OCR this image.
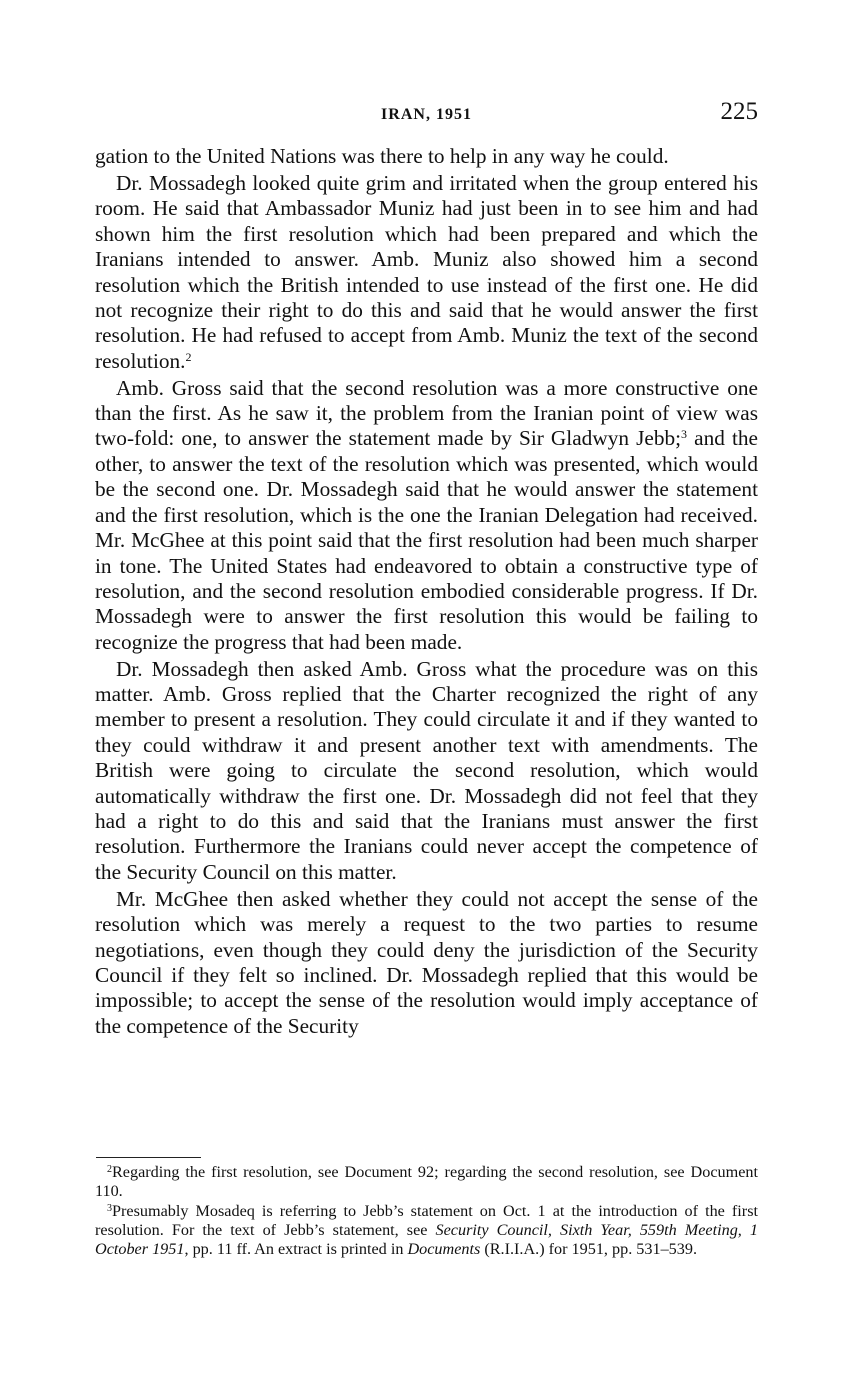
IRAN, 1951	225

gation to the United Nations was there to help in any way he could.

Dr. Mossadegh looked quite grim and irritated when the group entered his room. He said that Ambassador Muniz had just been in to see him and had shown him the first resolution which had been prepared and which the Iranians intended to answer. Amb. Muniz also showed him a second resolution which the British intended to use instead of the first one. He did not recognize their right to do this and said that he would answer the first resolution. He had refused to accept from Amb. Muniz the text of the second resolution.$^2$

Amb. Gross said that the second resolution was a more constructive one than the first. As he saw it, the problem from the Iranian point of view was two-fold: one, to answer the statement made by Sir Gladwyn Jebb;$^3$ and the other, to answer the text of the resolution which was presented, which would be the second one. Dr. Mossadegh said that he would answer the statement and the first resolution, which is the one the Iranian Delegation had received. Mr. McGhee at this point said that the first resolution had been much sharper in tone. The United States had endeavored to obtain a constructive type of resolution, and the second resolution embodied considerable progress. If Dr. Mossadegh were to answer the first resolution this would be failing to recognize the progress that had been made.

Dr. Mossadegh then asked Amb. Gross what the procedure was on this matter. Amb. Gross replied that the Charter recognized the right of any member to present a resolution. They could circulate it and if they wanted to they could withdraw it and present another text with amendments. The British were going to circulate the second resolution, which would automatically withdraw the first one. Dr. Mossadegh did not feel that they had a right to do this and said that the Iranians must answer the first resolution. Furthermore the Iranians could never accept the competence of the Security Council on this matter.

Mr. McGhee then asked whether they could not accept the sense of the resolution which was merely a request to the two parties to resume negotiations, even though they could deny the jurisdiction of the Security Council if they felt so inclined. Dr. Mossadegh replied that this would be impossible; to accept the sense of the resolution would imply acceptance of the competence of the Security

$^2$Regarding the first resolution, see Document 92; regarding the second resolution, see Document 110.

$^3$Presumably Mosadeq is referring to Jebb’s statement on Oct. 1 at the introduction of the first resolution. For the text of Jebb’s statement, see Security Council, Sixth Year, 559th Meeting, 1 October 1951, pp. 11 ff. An extract is printed in Documents (R.I.I.A.) for 1951, pp. 531–539.
